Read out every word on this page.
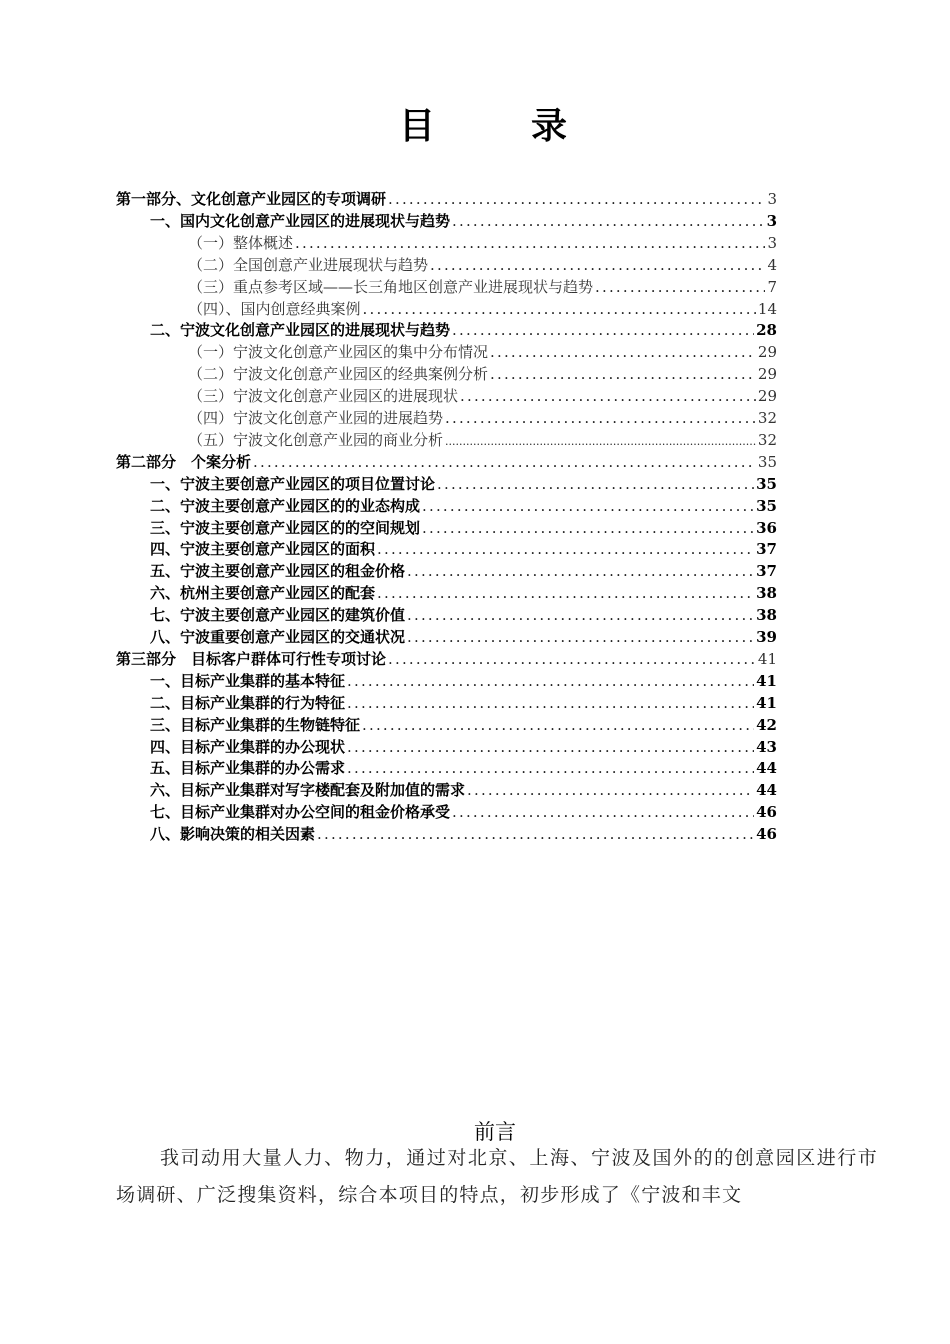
目　录
第一部分、文化创意产业园区的专项调研 .....	3
一、国内文化创意产业园区的进展现状与趋势 .....	3
（一）整体概述 .....	3
（二）全国创意产业进展现状与趋势 .....	4
（三）重点参考区域——长三角地区创意产业进展现状与趋势 .....	7
（四）、国内创意经典案例 .....	14
二、宁波文化创意产业园区的进展现状与趋势 .....	28
（一）宁波文化创意产业园区的集中分布情况 .....	29
（二）宁波文化创意产业园区的经典案例分析 .....	29
（三）宁波文化创意产业园区的进展现状 .....	29
（四）宁波文化创意产业园的进展趋势 .....	32
（五）宁波文化创意产业园的 商业分析 .....	32
第二部分　个案分析 .....	35
一、宁波主要创意产业园区的项目位置讨论 .....	35
二、宁波主要创意产业园区的的业态构成 .....	35
三、宁波主要创意产业园区的的空间规划 .....	36
四、宁波主要创意产业园区的面积 .....	37
五、宁波主要创意产业园区的租金价格 .....	37
六、杭州主要创意产业园区的配套 .....	38
七、宁波主要创意产业园区的建筑价值 .....	38
八、宁波重要创意产业园区的交通状况 .....	39
第三部分　目标客户群体可行性专项讨论 .....	41
一、目标产业集群的基本特征 .....	41
二、目标产业集群的行为特征 .....	41
三、目标产业集群的生物链特征 .....	42
四、目标产业集群的办公现状 .....	43
五、目标产业集群的办公需求 .....	44
六、目标产业集群对写字楼配套及附加值的需求 .....	44
七、目标产业集群对办公空间的租金价格承受 .....	46
八、影响决策的相关因素 .....	46
前言
我司动用大量人力、物力，通过对北京、上海、宁波及国外的的创意园区进行市场调研、广泛搜集资料，综合本项目的特点，初步形成了《宁波和丰文
